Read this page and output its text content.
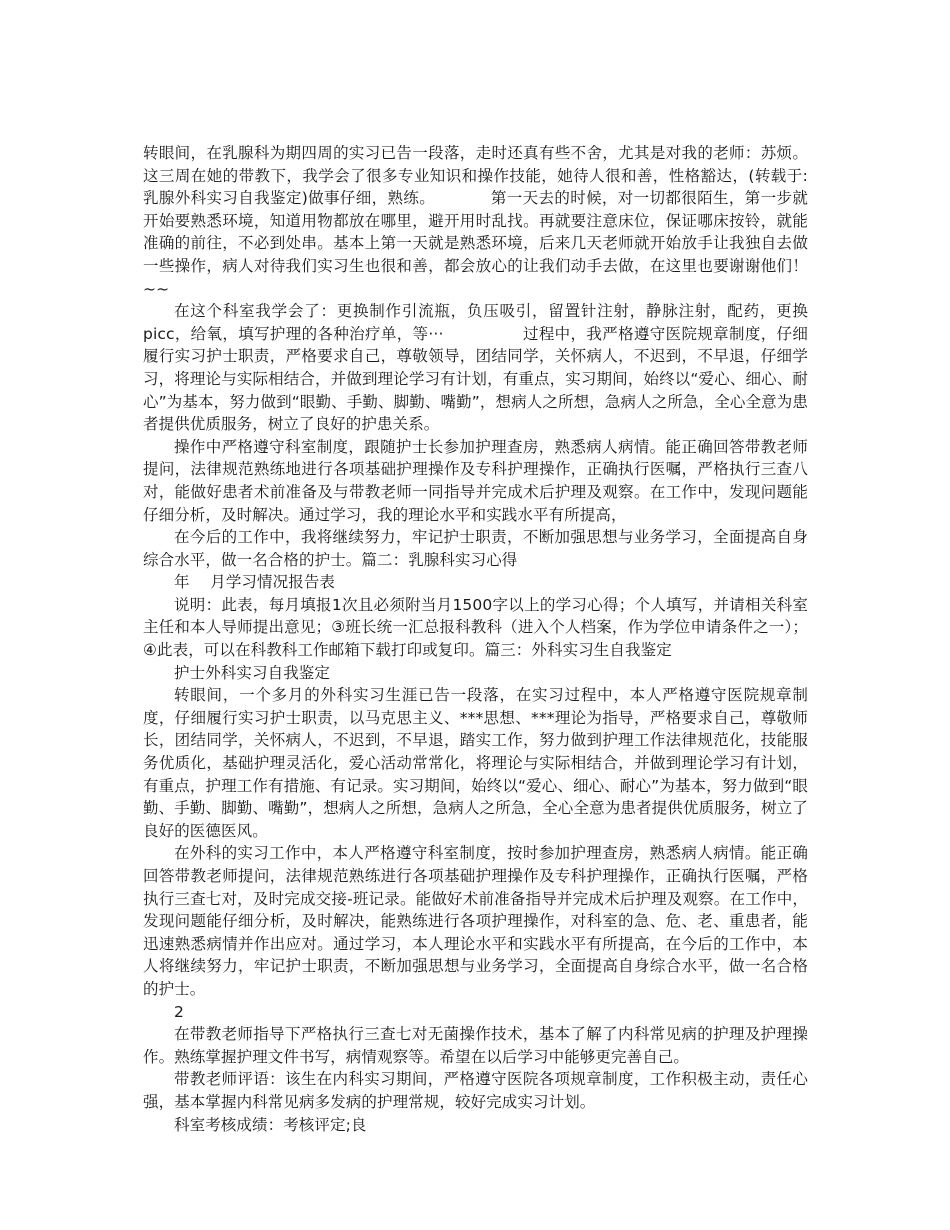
转眼间，在乳腺科为期四周的实习已告一段落，走时还真有些不舍，尤其是对我的老师：苏烦。这三周在她的带教下，我学会了很多专业知识和操作技能，她待人很和善，性格豁达，(转载于:乳腺外科实习自我鉴定)做事仔细，熟练。　　　　第一天去的时候，对一切都很陌生，第一步就开始要熟悉环境，知道用物都放在哪里，避开用时乱找。再就要注意床位，保证哪床按铃，就能准确的前往，不必到处串。基本上第一天就是熟悉环境，后来几天老师就开始放手让我独自去做一些操作，病人对待我们实习生也很和善，都会放心的让我们动手去做，在这里也要谢谢他们！~~

在这个科室我学会了：更换制作引流瓶，负压吸引，留置针注射，静脉注射，配药，更换picc，给氧，填写护理的各种治疗单，等···　　　　　过程中，我严格遵守医院规章制度，仔细履行实习护士职责，严格要求自己，尊敬领导，团结同学，关怀病人，不迟到，不早退，仔细学习，将理论与实际相结合，并做到理论学习有计划，有重点，实习期间，始终以“爱心、细心、耐心”为基本，努力做到“眼勤、手勤、脚勤、嘴勤”，想病人之所想，急病人之所急，全心全意为患者提供优质服务，树立了良好的护患关系。

操作中严格遵守科室制度，跟随护士长参加护理查房，熟悉病人病情。能正确回答带教老师提问，法律规范熟练地进行各项基础护理操作及专科护理操作，正确执行医嘱，严格执行三查八对，能做好患者术前准备及与带教老师一同指导并完成术后护理及观察。在工作中，发现问题能仔细分析，及时解决。通过学习，我的理论水平和实践水平有所提高，

在今后的工作中，我将继续努力，牢记护士职责，不断加强思想与业务学习，全面提高自身综合水平，做一名合格的护士。篇二：乳腺科实习心得

年　 月学习情况报告表

说明：此表，每月填报1次且必须附当月1500字以上的学习心得；个人填写，并请相关科室主任和本人导师提出意见；③班长统一汇总报科教科（进入个人档案，作为学位申请条件之一）；④此表，可以在科教科工作邮箱下载打印或复印。篇三：外科实习生自我鉴定

护士外科实习自我鉴定

转眼间，一个多月的外科实习生涯已告一段落，在实习过程中，本人严格遵守医院规章制度，仔细履行实习护士职责，以马克思主义、***思想、***理论为指导，严格要求自己，尊敬师长，团结同学，关怀病人，不迟到，不早退，踏实工作，努力做到护理工作法律规范化，技能服务优质化，基础护理灵活化，爱心活动常常化，将理论与实际相结合，并做到理论学习有计划，有重点，护理工作有措施、有记录。实习期间，始终以“爱心、细心、耐心”为基本，努力做到“眼勤、手勤、脚勤、嘴勤”，想病人之所想，急病人之所急，全心全意为患者提供优质服务，树立了良好的医德医风。

在外科的实习工作中，本人严格遵守科室制度，按时参加护理查房，熟悉病人病情。能正确回答带教老师提问，法律规范熟练进行各项基础护理操作及专科护理操作，正确执行医嘱，严格执行三查七对，及时完成交接-班记录。能做好术前准备指导并完成术后护理及观察。在工作中，发现问题能仔细分析，及时解决，能熟练进行各项护理操作，对科室的急、危、老、重患者，能迅速熟悉病情并作出应对。通过学习，本人理论水平和实践水平有所提高，在今后的工作中，本人将继续努力，牢记护士职责，不断加强思想与业务学习，全面提高自身综合水平，做一名合格的护士。

2

在带教老师指导下严格执行三查七对无菌操作技术，基本了解了内科常见病的护理及护理操作。熟练掌握护理文件书写，病情观察等。希望在以后学习中能够更完善自己。

带教老师评语：该生在内科实习期间，严格遵守医院各项规章制度，工作积极主动，责任心强，基本掌握内科常见病多发病的护理常规，较好完成实习计划。

科室考核成绩：考核评定;良
